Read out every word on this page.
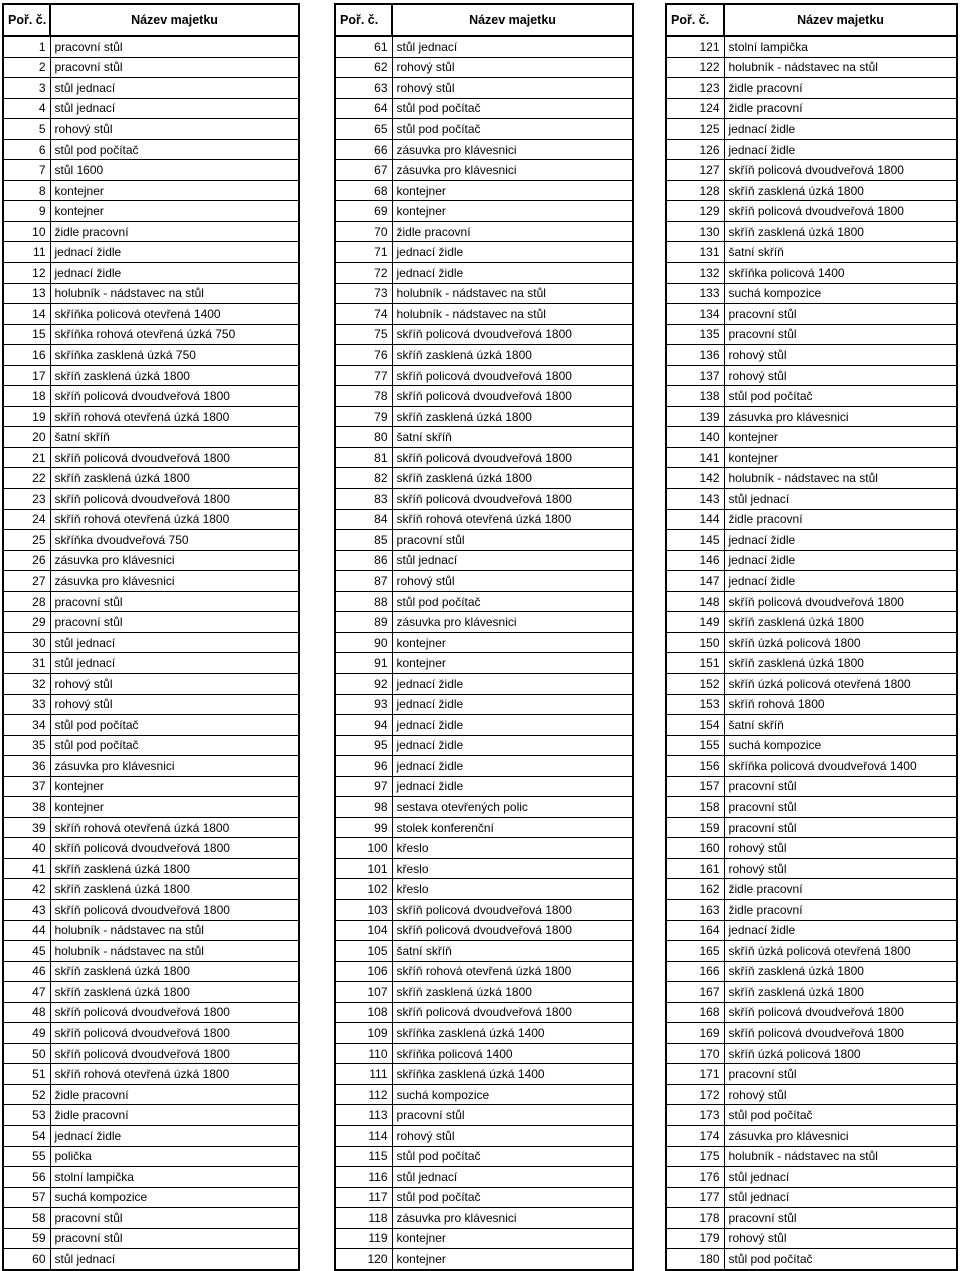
Poř. č.	Název majetku
1	pracovní stůl
2	pracovní stůl
3	stůl jednací
4	stůl jednací
5	rohový stůl
6	stůl pod počítač
7	stůl 1600
8	kontejner
9	kontejner
10	židle pracovní
11	jednací židle
12	jednací židle
13	holubník - nádstavec na stůl
14	skříňka policová otevřená 1400
15	skříňka rohová otevřená úzká 750
16	skříňka zasklená úzká 750
17	skříň zasklená úzká 1800
18	skříň policová dvoudveřová 1800
19	skříň rohová otevřená úzká 1800
20	šatní skříň
21	skříň policová dvoudveřová 1800
22	skříň zasklená úzká 1800
23	skříň policová dvoudveřová 1800
24	skříň rohová otevřená úzká 1800
25	skříňka dvoudveřová 750
26	zásuvka pro klávesnici
27	zásuvka pro klávesnici
28	pracovní stůl
29	pracovní stůl
30	stůl jednací
31	stůl jednací
32	rohový stůl
33	rohový stůl
34	stůl pod počítač
35	stůl pod počítač
36	zásuvka pro klávesnici
37	kontejner
38	kontejner
39	skříň rohová otevřená úzká 1800
40	skříň policová dvoudveřová 1800
41	skříň zasklená úzká 1800
42	skříň zasklená úzká 1800
43	skříň policová dvoudveřová 1800
44	holubník - nádstavec na stůl
45	holubník - nádstavec na stůl
46	skříň zasklená úzká 1800
47	skříň zasklená úzká 1800
48	skříň policová dvoudveřová 1800
49	skříň policová dvoudveřová 1800
50	skříň policová dvoudveřová 1800
51	skříň rohová otevřená úzká 1800
52	židle pracovní
53	židle pracovní
54	jednací židle
55	polička
56	stolní lampička
57	suchá kompozice
58	pracovní stůl
59	pracovní stůl
60	stůl jednací
Poř. č.	Název majetku
61	stůl jednací
62	rohový stůl
63	rohový stůl
64	stůl pod počítač
65	stůl pod počítač
66	zásuvka pro klávesnici
67	zásuvka pro klávesnici
68	kontejner
69	kontejner
70	židle pracovní
71	jednací židle
72	jednací židle
73	holubník - nádstavec na stůl
74	holubník - nádstavec na stůl
75	skříň policová dvoudveřová 1800
76	skříň zasklená úzká 1800
77	skříň policová dvoudveřová 1800
78	skříň policová dvoudveřová 1800
79	skříň zasklená úzká 1800
80	šatní skříň
81	skříň policová dvoudveřová 1800
82	skříň zasklená úzká 1800
83	skříň policová dvoudveřová 1800
84	skříň rohová otevřená úzká 1800
85	pracovní stůl
86	stůl jednací
87	rohový stůl
88	stůl pod počítač
89	zásuvka pro klávesnici
90	kontejner
91	kontejner
92	jednací židle
93	jednací židle
94	jednací židle
95	jednací židle
96	jednací židle
97	jednací židle
98	sestava otevřených polic
99	stolek konferenční
100	křeslo
101	křeslo
102	křeslo
103	skříň policová dvoudveřová 1800
104	skříň policová dvoudveřová 1800
105	šatní skříň
106	skříň rohová otevřená úzká 1800
107	skříň zasklená úzká 1800
108	skříň policová dvoudveřová 1800
109	skříňka zasklená úzká 1400
110	skříňka policová 1400
111	skříňka zasklená úzká 1400
112	suchá kompozice
113	pracovní stůl
114	rohový stůl
115	stůl pod počítač
116	stůl jednací
117	stůl pod počítač
118	zásuvka pro klávesnici
119	kontejner
120	kontejner
Poř. č.	Název majetku
121	stolní lampička
122	holubník - nádstavec na stůl
123	židle pracovní
124	židle pracovní
125	jednací židle
126	jednací židle
127	skříň policová dvoudveřová 1800
128	skříň zasklená úzká 1800
129	skříň policová dvoudveřová 1800
130	skříň zasklená úzká 1800
131	šatní skříň
132	skříňka policová 1400
133	suchá kompozice
134	pracovní stůl
135	pracovní stůl
136	rohový stůl
137	rohový stůl
138	stůl pod počítač
139	zásuvka pro klávesnici
140	kontejner
141	kontejner
142	holubník - nádstavec na stůl
143	stůl jednací
144	židle pracovní
145	jednací židle
146	jednací židle
147	jednací židle
148	skříň policová dvoudveřová 1800
149	skříň zasklená úzká 1800
150	skříň úzká policová 1800
151	skříň zasklená úzká 1800
152	skříň úzká policová otevřená 1800
153	skříň rohová 1800
154	šatní skříň
155	suchá kompozice
156	skříňka policová dvoudveřová 1400
157	pracovní stůl
158	pracovní stůl
159	pracovní stůl
160	rohový stůl
161	rohový stůl
162	židle pracovní
163	židle pracovní
164	jednací židle
165	skříň úzká policová otevřená 1800
166	skříň zasklená úzká 1800
167	skříň zasklená úzká 1800
168	skříň policová dvoudveřová 1800
169	skříň policová dvoudveřová 1800
170	skříň úzká policová 1800
171	pracovní stůl
172	rohový stůl
173	stůl pod počítač
174	zásuvka pro klávesnici
175	holubník - nádstavec na stůl
176	stůl jednací
177	stůl jednací
178	pracovní stůl
179	rohový stůl
180	stůl pod počítač
